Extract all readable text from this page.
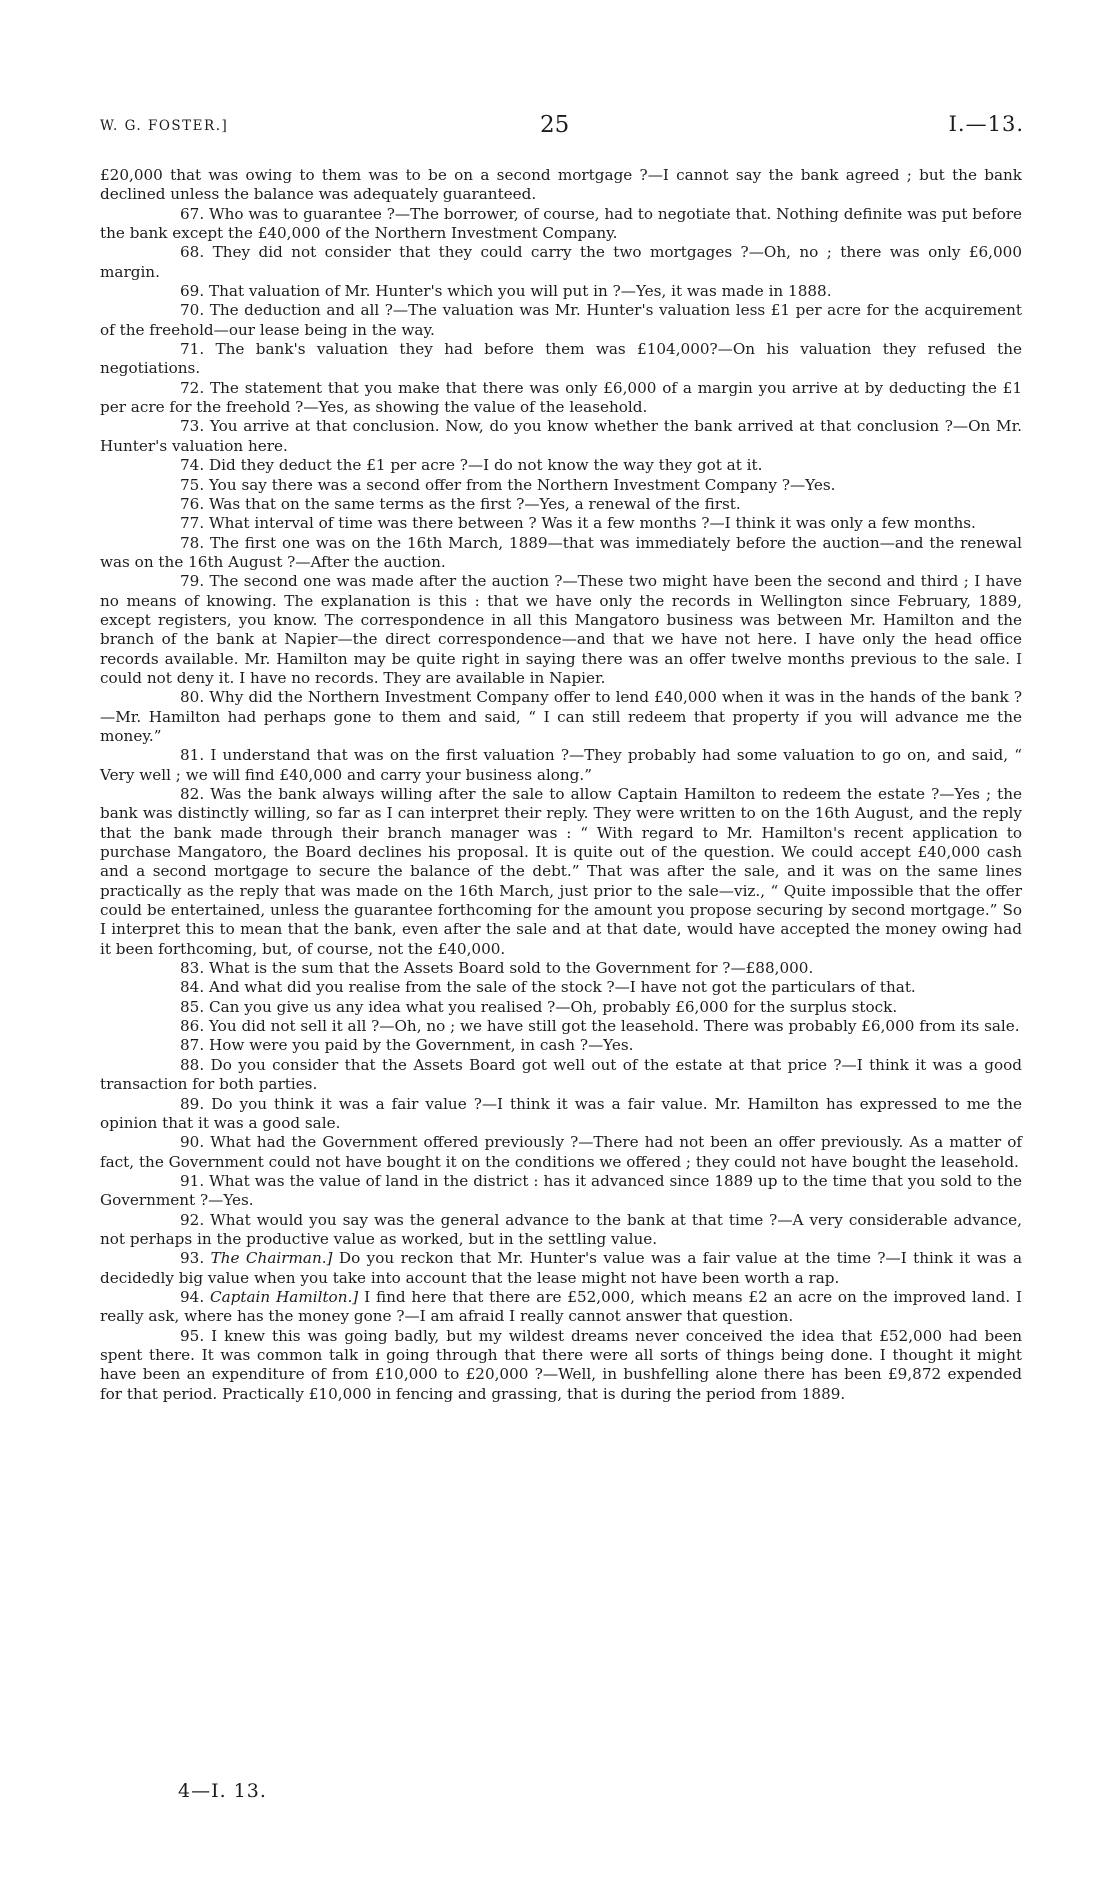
W. G. FOSTER.]	25	I.—13.

£20,000 that was owing to them was to be on a second mortgage ?—I cannot say the bank agreed ; but the bank declined unless the balance was adequately guaranteed.

67. Who was to guarantee ?—The borrower, of course, had to negotiate that. Nothing definite was put before the bank except the £40,000 of the Northern Investment Company.

68. They did not consider that they could carry the two mortgages ?—Oh, no ; there was only £6,000 margin.

69. That valuation of Mr. Hunter's which you will put in ?—Yes, it was made in 1888.

70. The deduction and all ?—The valuation was Mr. Hunter's valuation less £1 per acre for the acquirement of the freehold—our lease being in the way.

71. The bank's valuation they had before them was £104,000?—On his valuation they refused the negotiations.

72. The statement that you make that there was only £6,000 of a margin you arrive at by deducting the £1 per acre for the freehold ?—Yes, as showing the value of the leasehold.

73. You arrive at that conclusion. Now, do you know whether the bank arrived at that conclusion ?—On Mr. Hunter's valuation here.

74. Did they deduct the £1 per acre ?—I do not know the way they got at it.

75. You say there was a second offer from the Northern Investment Company ?—Yes.

76. Was that on the same terms as the first ?—Yes, a renewal of the first.

77. What interval of time was there between ? Was it a few months ?—I think it was only a few months.

78. The first one was on the 16th March, 1889—that was immediately before the auction—and the renewal was on the 16th August ?—After the auction.

79. The second one was made after the auction ?—These two might have been the second and third ; I have no means of knowing. The explanation is this : that we have only the records in Wellington since February, 1889, except registers, you know. The correspondence in all this Mangatoro business was between Mr. Hamilton and the branch of the bank at Napier—the direct correspondence—and that we have not here. I have only the head office records available. Mr. Hamilton may be quite right in saying there was an offer twelve months previous to the sale. I could not deny it. I have no records. They are available in Napier.

80. Why did the Northern Investment Company offer to lend £40,000 when it was in the hands of the bank ?—Mr. Hamilton had perhaps gone to them and said, “ I can still redeem that property if you will advance me the money.”

81. I understand that was on the first valuation ?—They probably had some valuation to go on, and said, “ Very well ; we will find £40,000 and carry your business along.”

82. Was the bank always willing after the sale to allow Captain Hamilton to redeem the estate ?—Yes ; the bank was distinctly willing, so far as I can interpret their reply. They were written to on the 16th August, and the reply that the bank made through their branch manager was : “ With regard to Mr. Hamilton's recent application to purchase Mangatoro, the Board declines his proposal. It is quite out of the question. We could accept £40,000 cash and a second mortgage to secure the balance of the debt.” That was after the sale, and it was on the same lines practically as the reply that was made on the 16th March, just prior to the sale—viz., “ Quite impossible that the offer could be entertained, unless the guarantee forthcoming for the amount you propose securing by second mortgage.” So I interpret this to mean that the bank, even after the sale and at that date, would have accepted the money owing had it been forthcoming, but, of course, not the £40,000.

83. What is the sum that the Assets Board sold to the Government for ?—£88,000.

84. And what did you realise from the sale of the stock ?—I have not got the particulars of that.

85. Can you give us any idea what you realised ?—Oh, probably £6,000 for the surplus stock.

86. You did not sell it all ?—Oh, no ; we have still got the leasehold. There was probably £6,000 from its sale.

87. How were you paid by the Government, in cash ?—Yes.

88. Do you consider that the Assets Board got well out of the estate at that price ?—I think it was a good transaction for both parties.

89. Do you think it was a fair value ?—I think it was a fair value. Mr. Hamilton has expressed to me the opinion that it was a good sale.

90. What had the Government offered previously ?—There had not been an offer previously. As a matter of fact, the Government could not have bought it on the conditions we offered ; they could not have bought the leasehold.

91. What was the value of land in the district : has it advanced since 1889 up to the time that you sold to the Government ?—Yes.

92. What would you say was the general advance to the bank at that time ?—A very considerable advance, not perhaps in the productive value as worked, but in the settling value.

93. The Chairman.] Do you reckon that Mr. Hunter's value was a fair value at the time ?—I think it was a decidedly big value when you take into account that the lease might not have been worth a rap.

94. Captain Hamilton.] I find here that there are £52,000, which means £2 an acre on the improved land. I really ask, where has the money gone ?—I am afraid I really cannot answer that question.

95. I knew this was going badly, but my wildest dreams never conceived the idea that £52,000 had been spent there. It was common talk in going through that there were all sorts of things being done. I thought it might have been an expenditure of from £10,000 to £20,000 ?—Well, in bushfelling alone there has been £9,872 expended for that period. Practically £10,000 in fencing and grassing, that is during the period from 1889.

4—I. 13.
